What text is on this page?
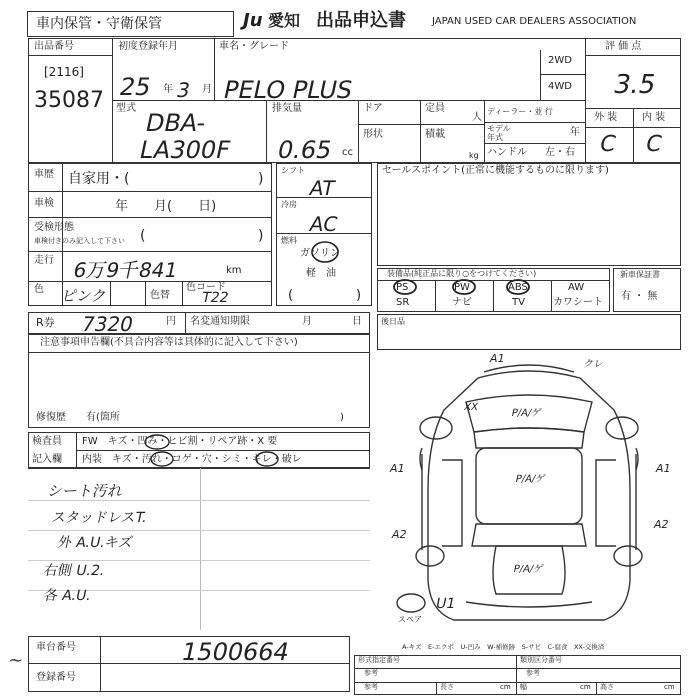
車内保管・守衛保管	Ju 愛知 出品申込書	JAPAN USED CAR DEALERS ASSOCIATION
出品番号
[2116]
35087
初度登録年月
25 年 3 月
車名・グレード
PELO PLUS
2WD
4WD
型式
DBA-
LA300F
排気量
0.65 cc
ドア	定員
人
形状	積載
kg
ディーラー・並 行
モデル
年式	年
ハンドル 左・右
評 価 点
3.5
外 装 内 装
C C
車歴 自家用・(	)
車検	年　　月(　　日)
受検形態
車検付きのみ記入して下さい (	)
走行 6万9千841	km
色 ピンク	色替
色コード
T22
シフト
AT
冷房
AC
燃料
ガソリン
軽　油
(	)
セールスポイント(正常に機能するものに限ります)
装備品(純正品に限り○をつけてください)
PS	PW	ABS	AW
SR	ナビ	TV	カワシート
新車保証書
有 ・ 無
R券 7320	円 名変通知期限	月	日 後日品
注意事項申告欄(不具合内容等は具体的に記入して下さい)
修復歴　　有(箇所	)
検査員
記入欄
FW　キズ・凹み・ヒビ割・リペア跡・X 要
内装　キズ・汚れ・コゲ・穴・シミ・キレ・破レ
シート汚れ
スタッドレスT.
外 A.U.キズ
右側 U.2.
各 A.U.
A1	クレ
XX
P/A/ゲ
P/A/ゲ
P/A/ゲ
A1	A1
A2
A2
U1
スペア
A-キズ　E-エクボ　U-凹み　W-補修跡　S-サビ　C-腐食　XX-交換済
車台番号	1500664
登録番号
∼	形式指定番号	類別区分番号
参考	参考
参考	長さ	cm 幅	cm 高さ	cm
